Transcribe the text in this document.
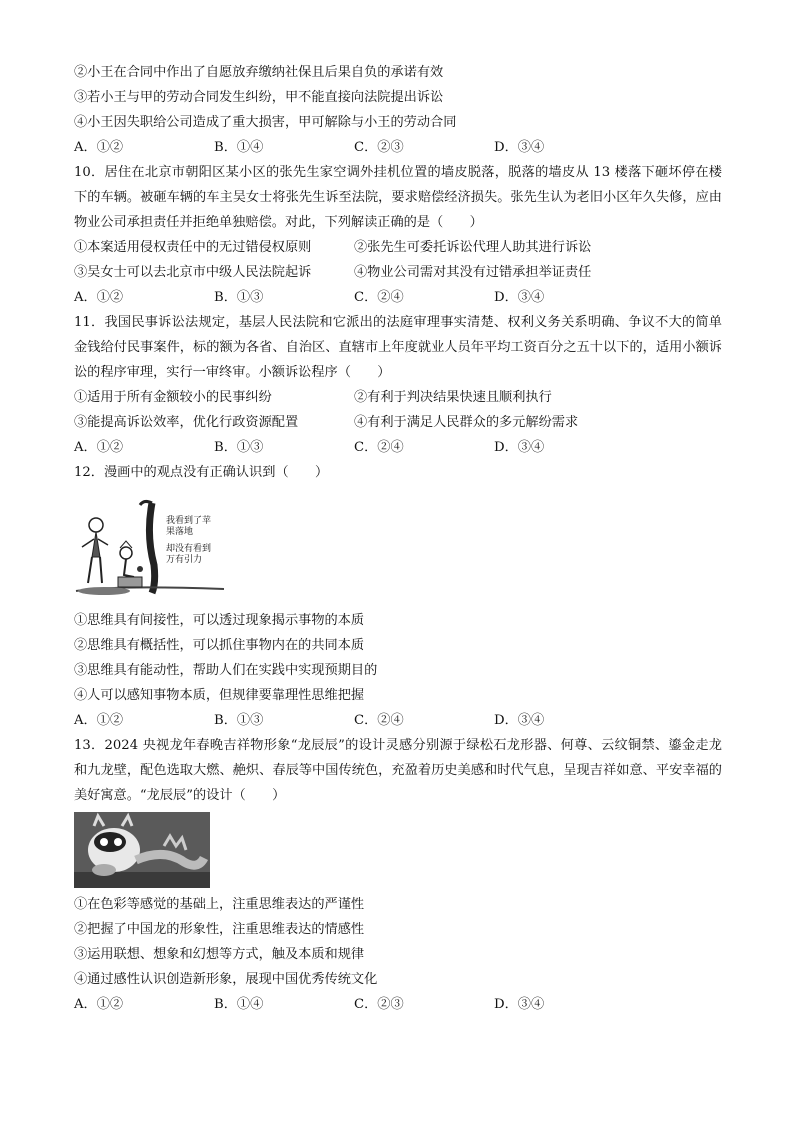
②小王在合同中作出了自愿放弃缴纳社保且后果自负的承诺有效
③若小王与甲的劳动合同发生纠纷，甲不能直接向法院提出诉讼
④小王因失职给公司造成了重大损害，甲可解除与小王的劳动合同
A．①②	B．①④	C．②③	D．③④
10．居住在北京市朝阳区某小区的张先生家空调外挂机位置的墙皮脱落，脱落的墙皮从 13 楼落下砸坏停在楼下的车辆。被砸车辆的车主吴女士将张先生诉至法院，要求赔偿经济损失。张先生认为老旧小区年久失修，应由物业公司承担责任并拒绝单独赔偿。对此，下列解读正确的是（　　）
①本案适用侵权责任中的无过错侵权原则	②张先生可委托诉讼代理人助其进行诉讼
③吴女士可以去北京市中级人民法院起诉	④物业公司需对其没有过错承担举证责任
A．①②	B．①③	C．②④	D．③④
11．我国民事诉讼法规定，基层人民法院和它派出的法庭审理事实清楚、权利义务关系明确、争议不大的简单金钱给付民事案件，标的额为各省、自治区、直辖市上年度就业人员年平均工资百分之五十以下的，适用小额诉讼的程序审理，实行一审终审。小额诉讼程序（　　）
①适用于所有金额较小的民事纠纷	②有利于判决结果快速且顺利执行
③能提高诉讼效率，优化行政资源配置	④有利于满足人民群众的多元解纷需求
A．①②	B．①③	C．②④	D．③④
12．漫画中的观点没有正确认识到（　　）
我看到了苹果落地
却没有看到万有引力
①思维具有间接性，可以透过现象揭示事物的本质
②思维具有概括性，可以抓住事物内在的共同本质
③思维具有能动性，帮助人们在实践中实现预期目的
④人可以感知事物本质，但规律要靠理性思维把握
A．①②	B．①③	C．②④	D．③④
13．2024 央视龙年春晚吉祥物形象“龙辰辰”的设计灵感分别源于绿松石龙形器、何尊、云纹铜禁、鎏金走龙和九龙壁，配色选取大燃、赩炽、春辰等中国传统色，充盈着历史美感和时代气息，呈现吉祥如意、平安幸福的美好寓意。“龙辰辰”的设计（　　）
①在色彩等感觉的基础上，注重思维表达的严谨性
②把握了中国龙的形象性，注重思维表达的情感性
③运用联想、想象和幻想等方式，触及本质和规律
④通过感性认识创造新形象，展现中国优秀传统文化
A．①②	B．①④	C．②③	D．③④
